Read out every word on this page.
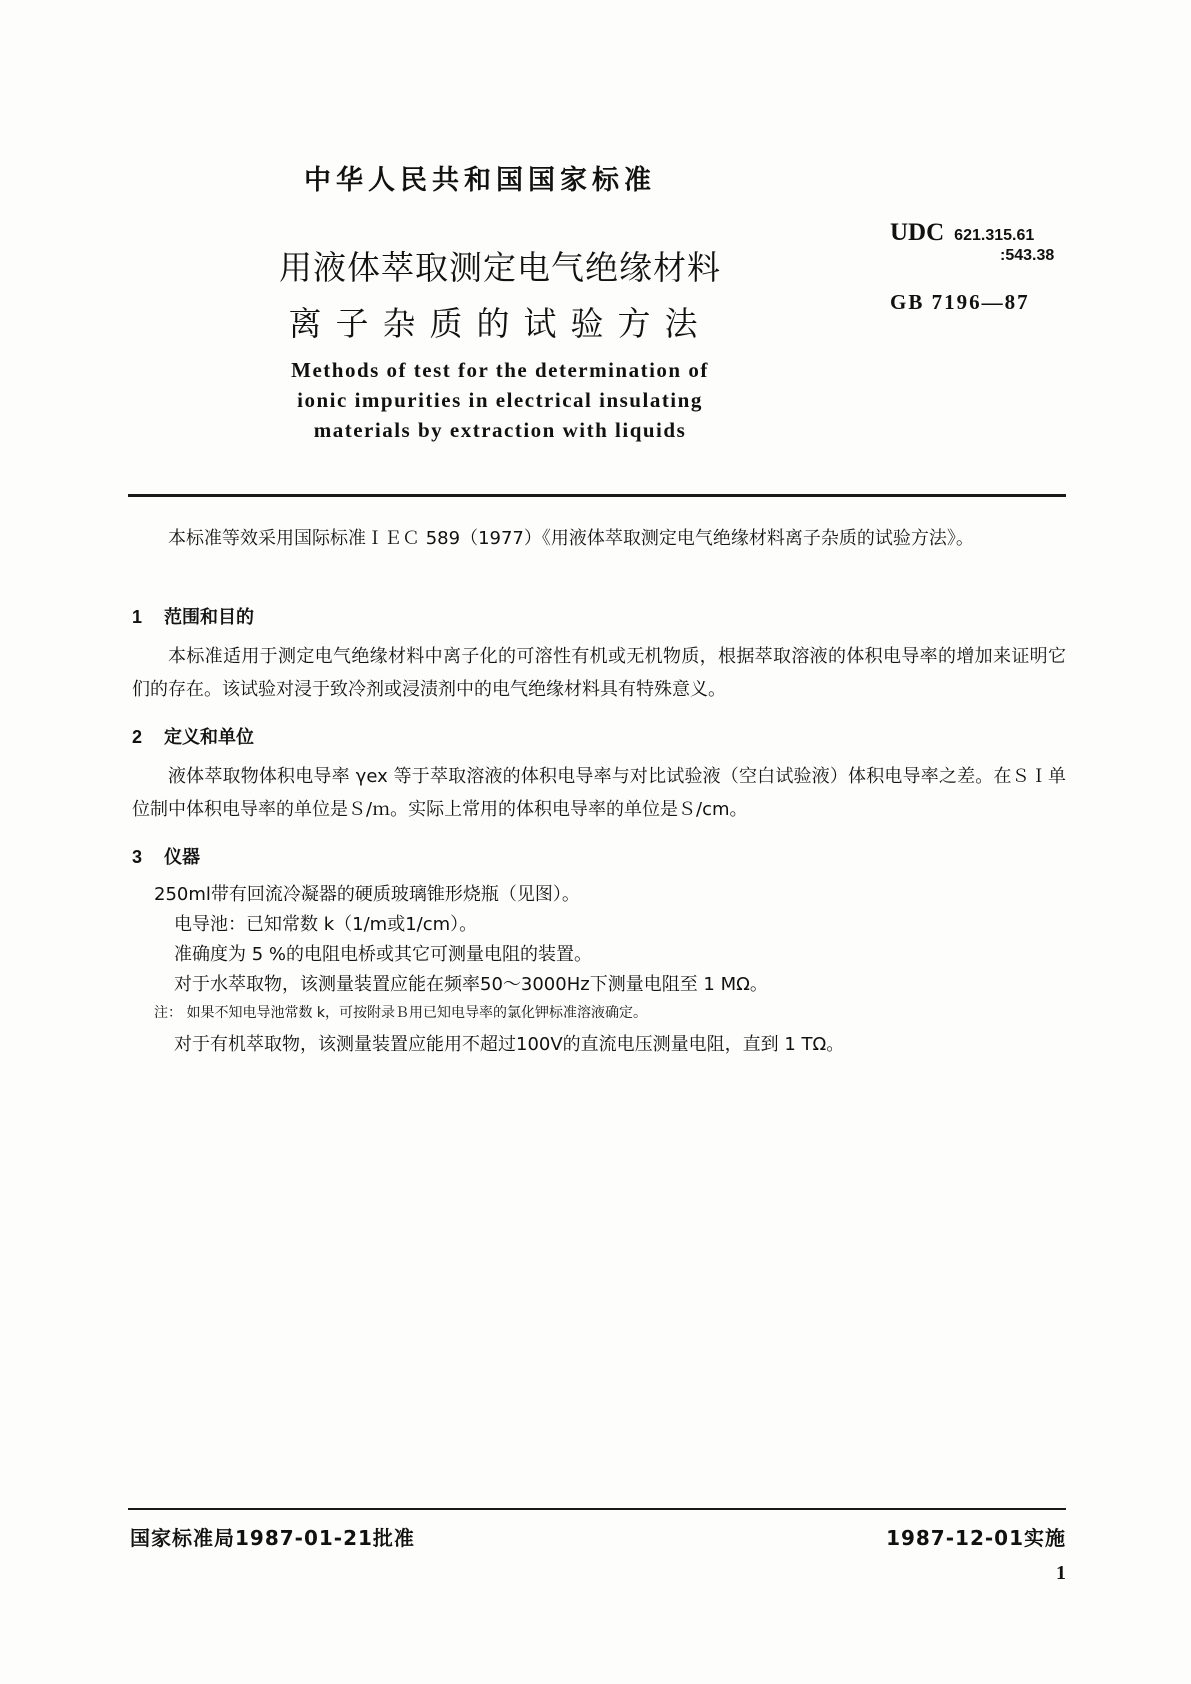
中华人民共和国国家标准
UDC 621.315.61
:543.38
GB 7196—87
用液体萃取测定电气绝缘材料
离子杂质的试验方法
Methods of test for the determination of
ionic impurities in electrical insulating
materials by extraction with liquids
本标准等效采用国际标准ＩＥＣ 589（1977）《用液体萃取测定电气绝缘材料离子杂质的试验方法》。
1 范围和目的
本标准适用于测定电气绝缘材料中离子化的可溶性有机或无机物质，根据萃取溶液的体积电导率的增加来证明它们的存在。该试验对浸于致冷剂或浸渍剂中的电气绝缘材料具有特殊意义。
2 定义和单位
液体萃取物体积电导率 γex 等于萃取溶液的体积电导率与对比试验液（空白试验液）体积电导率之差。在ＳＩ单位制中体积电导率的单位是Ｓ/ｍ。实际上常用的体积电导率的单位是Ｓ/cm。
3 仪器
250ml带有回流冷凝器的硬质玻璃锥形烧瓶（见图）。
电导池：已知常数 k（1/m或1/cm）。
准确度为 5 %的电阻电桥或其它可测量电阻的装置。
对于水萃取物，该测量装置应能在频率50～3000Hz下测量电阻至 1 MΩ。
注： 如果不知电导池常数 k，可按附录Ｂ用已知电导率的氯化钾标准溶液确定。
对于有机萃取物，该测量装置应能用不超过100V的直流电压测量电阻，直到 1 TΩ。
国家标准局1987-01-21批准	1987-12-01实施
1
